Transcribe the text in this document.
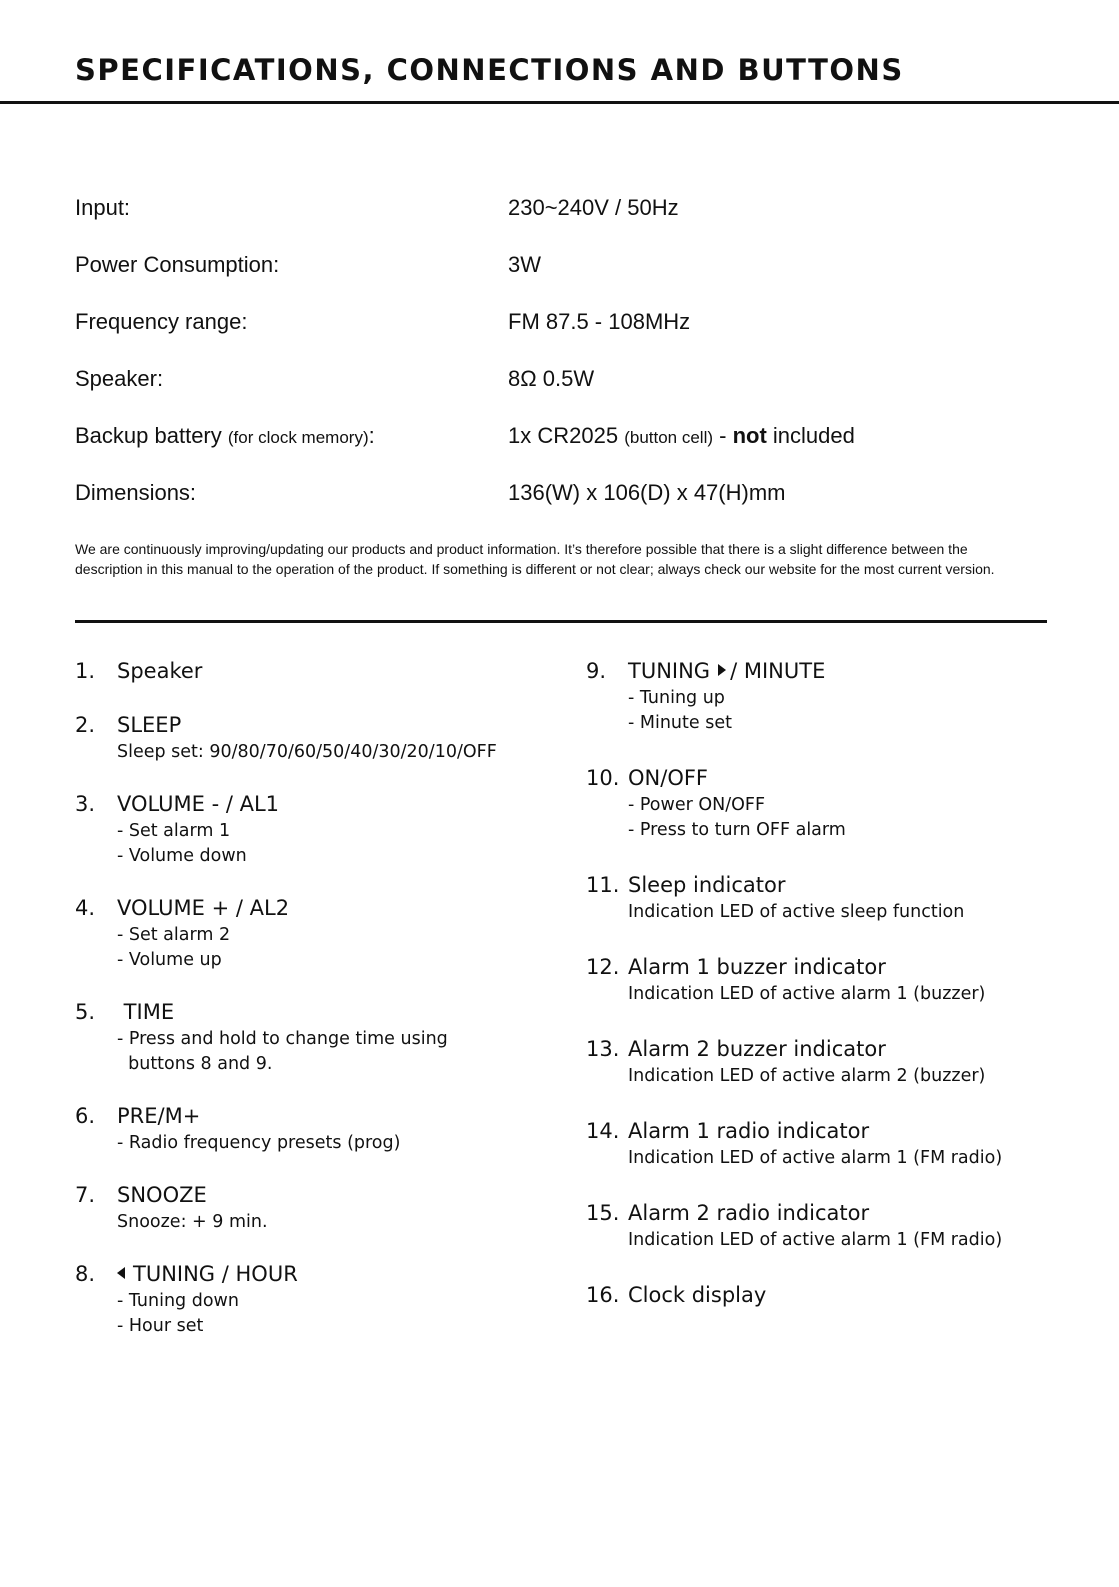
SPECIFICATIONS, CONNECTIONS AND BUTTONS
Input:	230~240V / 50Hz
Power Consumption:	3W
Frequency range:	FM 87.5 - 108MHz
Speaker:	8Ω 0.5W
Backup battery (for clock memory):	1x CR2025 (button cell) - not included
Dimensions:	136(W) x 106(D) x 47(H)mm

We are continuously improving/updating our products and product information. It’s therefore possible that there is a slight difference between the description in this manual to the operation of the product. If something is different or not clear; always check our website for the most current version.

1. Speaker
2. SLEEP
Sleep set: 90/80/70/60/50/40/30/20/10/OFF
3. VOLUME - / AL1
- Set alarm 1
- Volume down
4. VOLUME + / AL2
- Set alarm 2
- Volume up
5. TIME
- Press and hold to change time using
buttons 8 and 9.
6. PRE/M+
- Radio frequency presets (prog)
7. SNOOZE
Snooze: + 9 min.
8.	TUNING / HOUR
- Tuning down
- Hour set
9. TUNING / MINUTE
- Tuning up
- Minute set
10. ON/OFF
- Power ON/OFF
- Press to turn OFF alarm
11. Sleep indicator
Indication LED of active sleep function
12. Alarm 1 buzzer indicator
Indication LED of active alarm 1 (buzzer)
13. Alarm 2 buzzer indicator
Indication LED of active alarm 2 (buzzer)
14. Alarm 1 radio indicator
Indication LED of active alarm 1 (FM radio)
15. Alarm 2 radio indicator
Indication LED of active alarm 1 (FM radio)
16. Clock display
